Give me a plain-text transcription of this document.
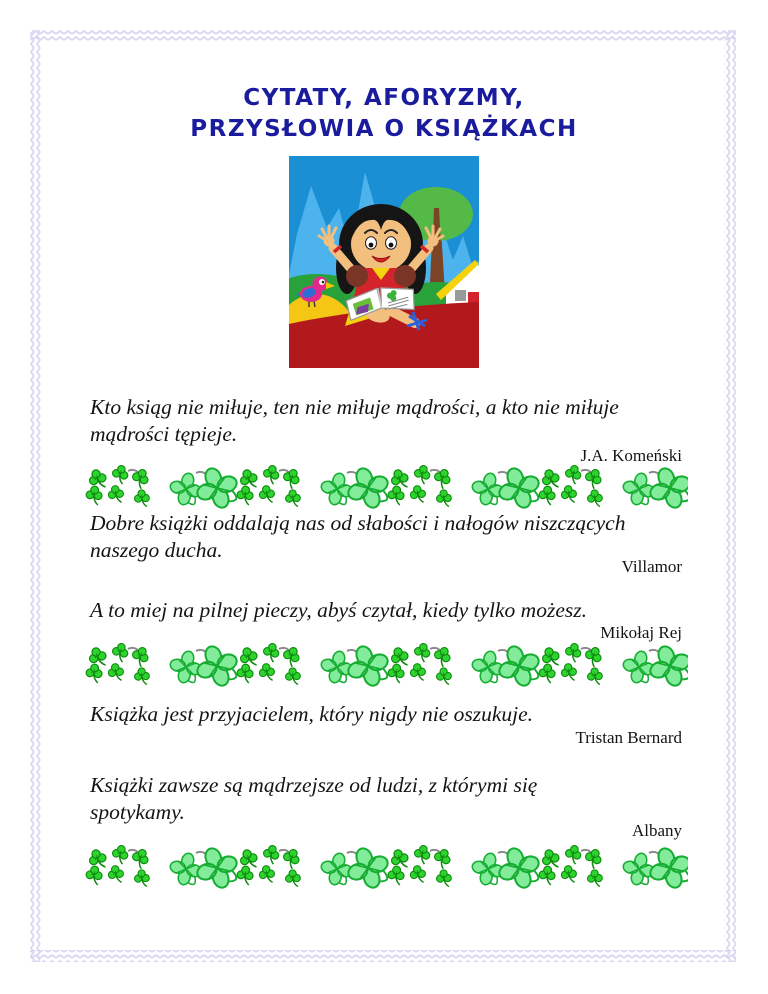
CYTATY, AFORYZMY,
PRZYSŁOWIA O KSIĄŻKACH
Kto ksiąg nie miłuje, ten nie miłuje mądrości, a kto nie miłuje mądrości tępieje.
J.A. Komeński
Dobre książki oddalają nas od słabości i nałogów niszczących naszego ducha.
Villamor
A to miej na pilnej pieczy, abyś czytał, kiedy tylko możesz.
Mikołaj Rej
Książka jest przyjacielem, który nigdy nie oszukuje.
Tristan Bernard
Książki zawsze są mądrzejsze od ludzi, z którymi się spotykamy.
Albany
